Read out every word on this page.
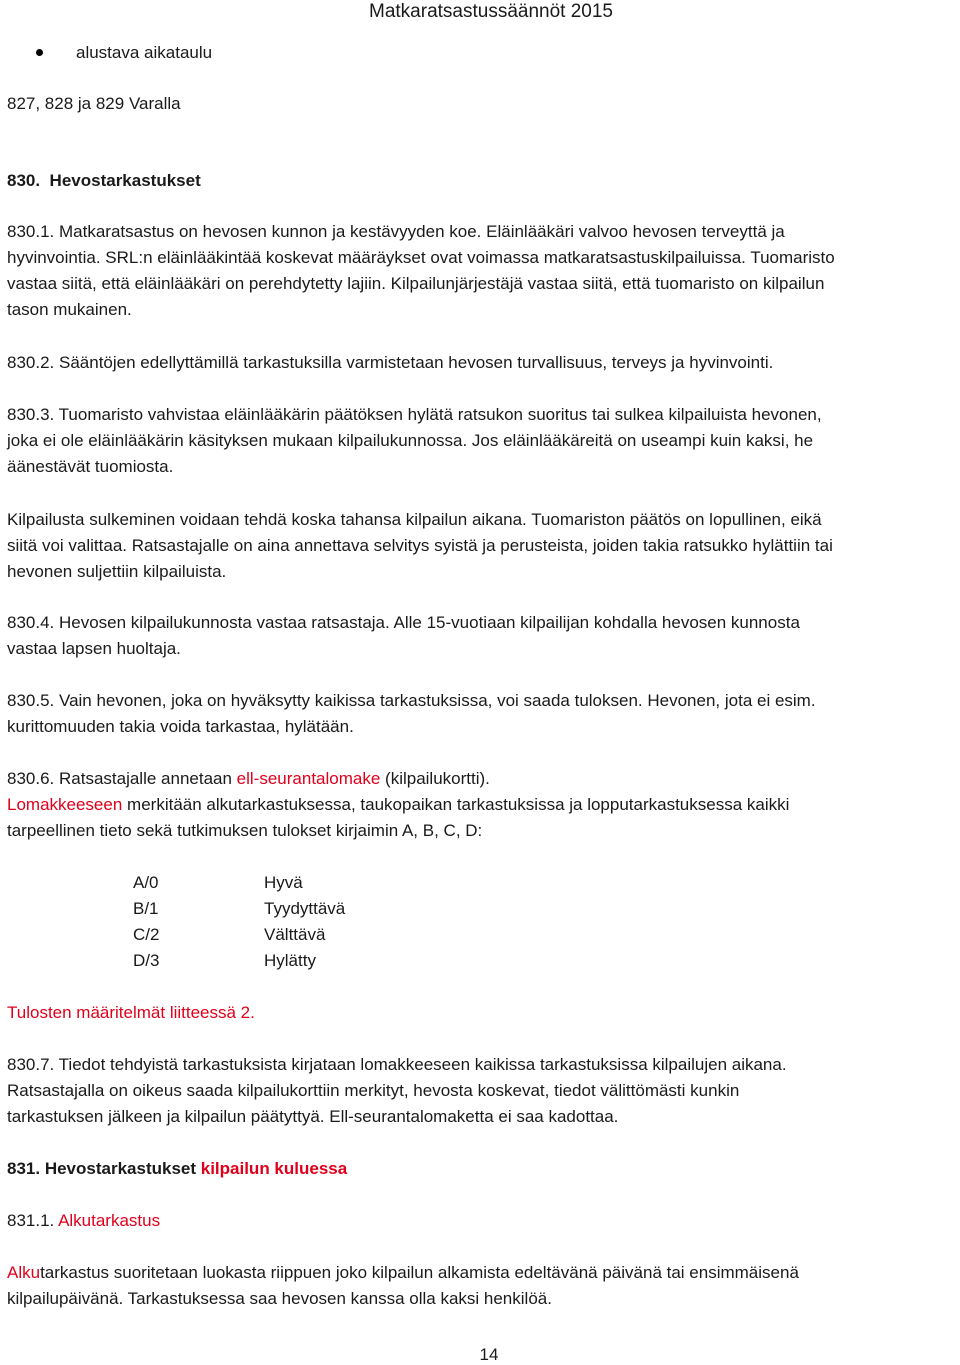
Matkaratsastussäännöt 2015
alustava aikataulu
827, 828 ja 829 Varalla
830. Hevostarkastukset
830.1. Matkaratsastus on hevosen kunnon ja kestävyyden koe. Eläinlääkäri valvoo hevosen terveyttä ja
hyvinvointia. SRL:n eläinlääkintää koskevat määräykset ovat voimassa matkaratsastuskilpailuissa. Tuomaristo
vastaa siitä, että eläinlääkäri on perehdytetty lajiin. Kilpailunjärjestäjä vastaa siitä, että tuomaristo on kilpailun
tason mukainen.
830.2. Sääntöjen edellyttämillä tarkastuksilla varmistetaan hevosen turvallisuus, terveys ja hyvinvointi.
830.3. Tuomaristo vahvistaa eläinlääkärin päätöksen hylätä ratsukon suoritus tai sulkea kilpailuista hevonen,
joka ei ole eläinlääkärin käsityksen mukaan kilpailukunnossa. Jos eläinlääkäreitä on useampi kuin kaksi, he
äänestävät tuomiosta.
Kilpailusta sulkeminen voidaan tehdä koska tahansa kilpailun aikana. Tuomariston päätös on lopullinen, eikä
siitä voi valittaa. Ratsastajalle on aina annettava selvitys syistä ja perusteista, joiden takia ratsukko hylättiin tai
hevonen suljettiin kilpailuista.
830.4. Hevosen kilpailukunnosta vastaa ratsastaja. Alle 15-vuotiaan kilpailijan kohdalla hevosen kunnosta
vastaa lapsen huoltaja.
830.5. Vain hevonen, joka on hyväksytty kaikissa tarkastuksissa, voi saada tuloksen. Hevonen, jota ei esim.
kurittomuuden takia voida tarkastaa, hylätään.
830.6. Ratsastajalle annetaan ell-seurantalomake (kilpailukortti).
Lomakkeeseen merkitään alkutarkastuksessa, taukopaikan tarkastuksissa ja lopputarkastuksessa kaikki
tarpeellinen tieto sekä tutkimuksen tulokset kirjaimin A, B, C, D:
A/0
B/1
C/2
D/3
Hyvä
Tyydyttävä
Välttävä
Hylätty
Tulosten määritelmät liitteessä 2.
830.7. Tiedot tehdyistä tarkastuksista kirjataan lomakkeeseen kaikissa tarkastuksissa kilpailujen aikana.
Ratsastajalla on oikeus saada kilpailukorttiin merkityt, hevosta koskevat, tiedot välittömästi kunkin
tarkastuksen jälkeen ja kilpailun päätyttyä. Ell-seurantalomaketta ei saa kadottaa.
831. Hevostarkastukset kilpailun kuluessa
831.1. Alkutarkastus
Alkutarkastus suoritetaan luokasta riippuen joko kilpailun alkamista edeltävänä päivänä tai ensimmäisenä
kilpailupäivänä. Tarkastuksessa saa hevosen kanssa olla kaksi henkilöä.
14
